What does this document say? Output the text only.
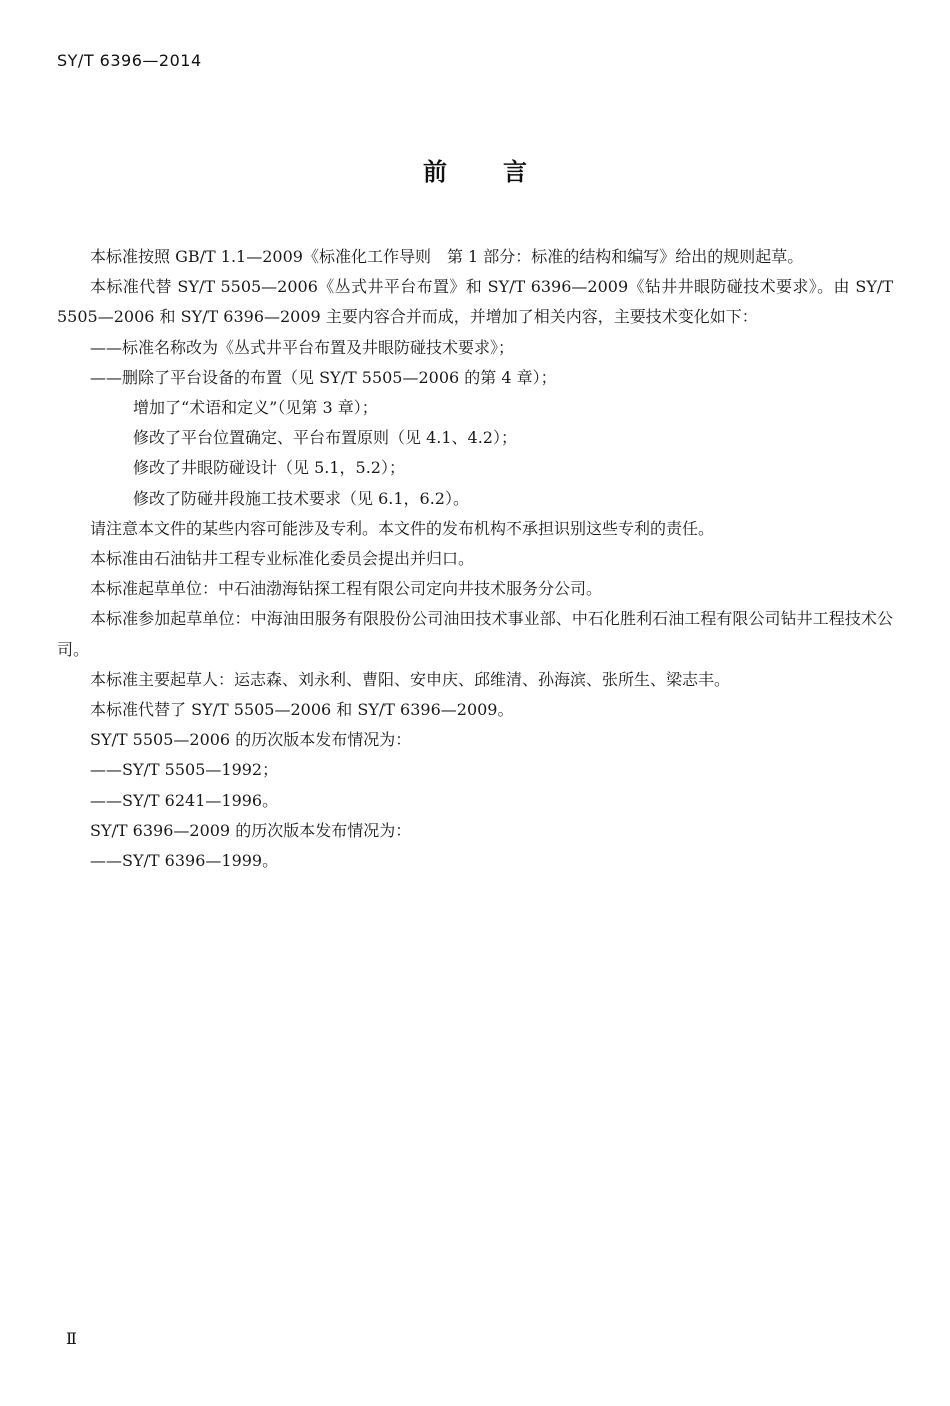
SY/T 6396—2014
前 言

本标准按照 GB/T 1.1—2009《标准化工作导则　第 1 部分：标准的结构和编写》给出的规则起草。

本标准代替 SY/T 5505—2006《丛式井平台布置》和 SY/T 6396—2009《钻井井眼防碰技术要求》。由 SY/T 5505—2006 和 SY/T 6396—2009 主要内容合并而成，并增加了相关内容，主要技术变化如下：

——标准名称改为《丛式井平台布置及井眼防碰技术要求》；

——删除了平台设备的布置（见 SY/T 5505—2006 的第 4 章）；

增加了“术语和定义”（见第 3 章）；

修改了平台位置确定、平台布置原则（见 4.1、4.2）；

修改了井眼防碰设计（见 5.1，5.2）；

修改了防碰井段施工技术要求（见 6.1，6.2）。

请注意本文件的某些内容可能涉及专利。本文件的发布机构不承担识别这些专利的责任。

本标准由石油钻井工程专业标准化委员会提出并归口。

本标准起草单位：中石油渤海钻探工程有限公司定向井技术服务分公司。

本标准参加起草单位：中海油田服务有限股份公司油田技术事业部、中石化胜利石油工程有限公司钻井工程技术公司。

本标准主要起草人：运志森、刘永利、曹阳、安申庆、邱维清、孙海滨、张所生、梁志丰。

本标准代替了 SY/T 5505—2006 和 SY/T 6396—2009。

SY/T 5505—2006 的历次版本发布情况为：

——SY/T 5505—1992；

——SY/T 6241—1996。

SY/T 6396—2009 的历次版本发布情况为：

——SY/T 6396—1999。

Ⅱ
